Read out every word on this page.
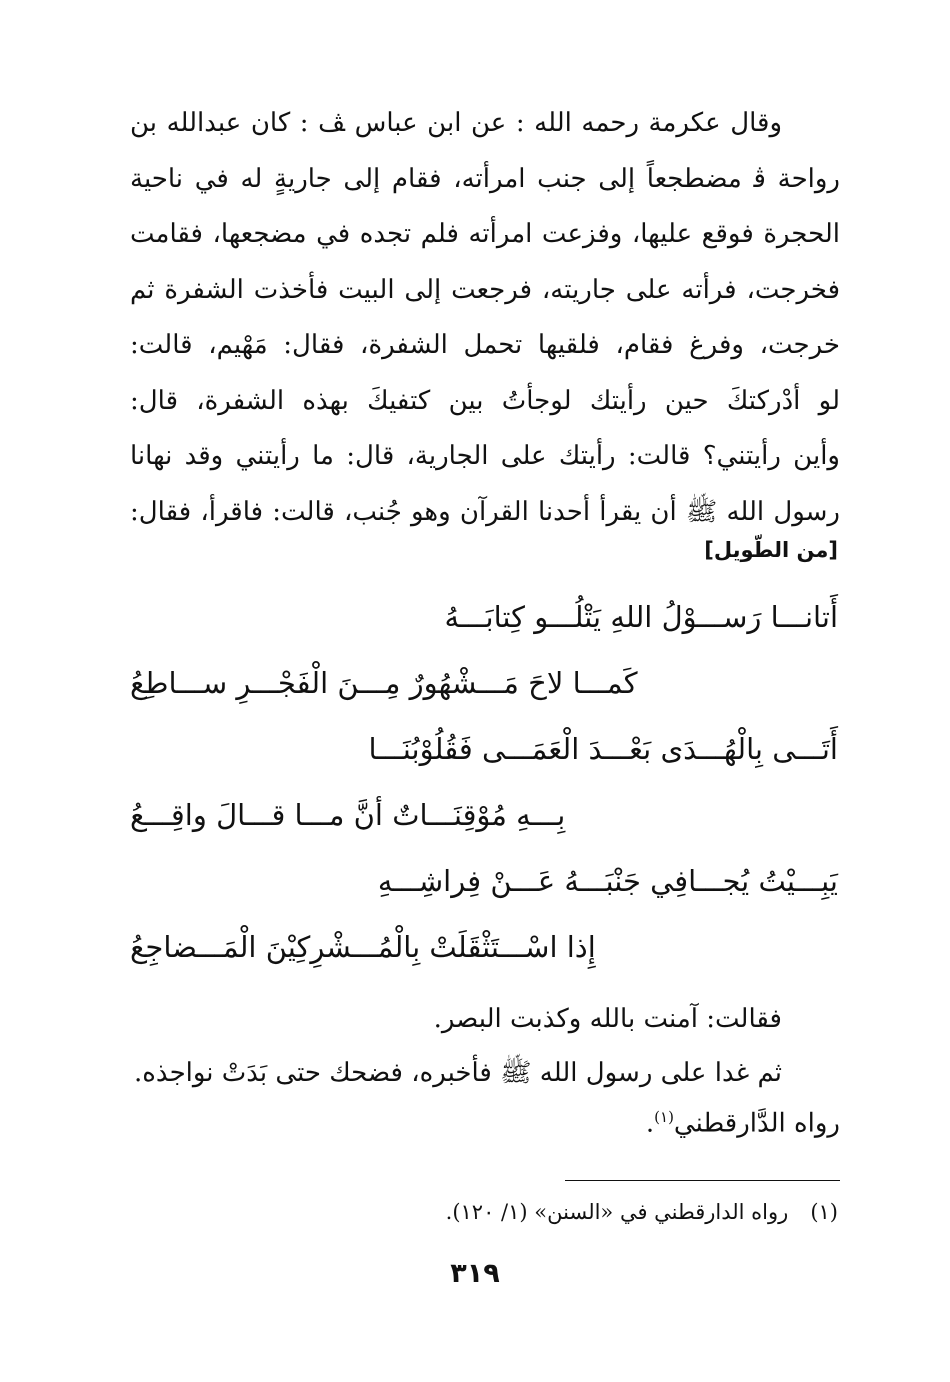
وقال عكرمة رحمه الله : عن ابن عباس ﭫ : كان عبدالله بن

رواحة ﭬ مضطجعاً إلى جنب امرأته، فقام إلى جاريةٍ له في ناحية

الحجرة فوقع عليها، وفزعت امرأته فلم تجده في مضجعها، فقامت

فخرجت، فرأته على جاريته، فرجعت إلى البيت فأخذت الشفرة ثم

خرجت، وفرغ فقام، فلقيها تحمل الشفرة، فقال: مَهْيم، قالت:

لو أدْركتكَ حين رأيتك لوجأتُ بين كتفيكَ بهذه الشفرة، قال:

وأين رأيتني؟ قالت: رأيتك على الجارية، قال: ما رأيتني وقد نهانا

رسول الله ﷺ أن يقرأ أحدنا القرآن وهو جُنب، قالت: فاقرأ، فقال:

[من الطّويل]
أَتانـــا رَســـوْلُ اللهِ يَتْلُـــو كِتابَـــهُ
كَمـــا لاحَ مَـــشْهُورٌ مِـــنَ الْفَجْـــرِ ســـاطِعُ
أَتَـــى بِالْهُـــدَى بَعْـــدَ الْعَمَـــى فَقُلُوْبُنَـــا
بِـــهِ مُوْقِنَـــاتٌ أنَّ مـــا قـــالَ واقِـــعُ
يَبِـــيْتُ يُجـــافِي جَنْبَـــهُ عَـــنْ فِراشِـــهِ
إِذا اسْـــتَثْقَلَتْ بِالْمُـــشْرِكِيْنَ الْمَـــضاجِعُ
فقالت: آمنت بالله وكذبت البصر.
ثم غدا على رسول الله ﷺ فأخبره، فضحك حتى بَدَتْ نواجذه.
رواه الدَّارقطني$^{(١)}$.
(١)رواه الدارقطني في «السنن» (١/ ١٢٠).
٣١٩
